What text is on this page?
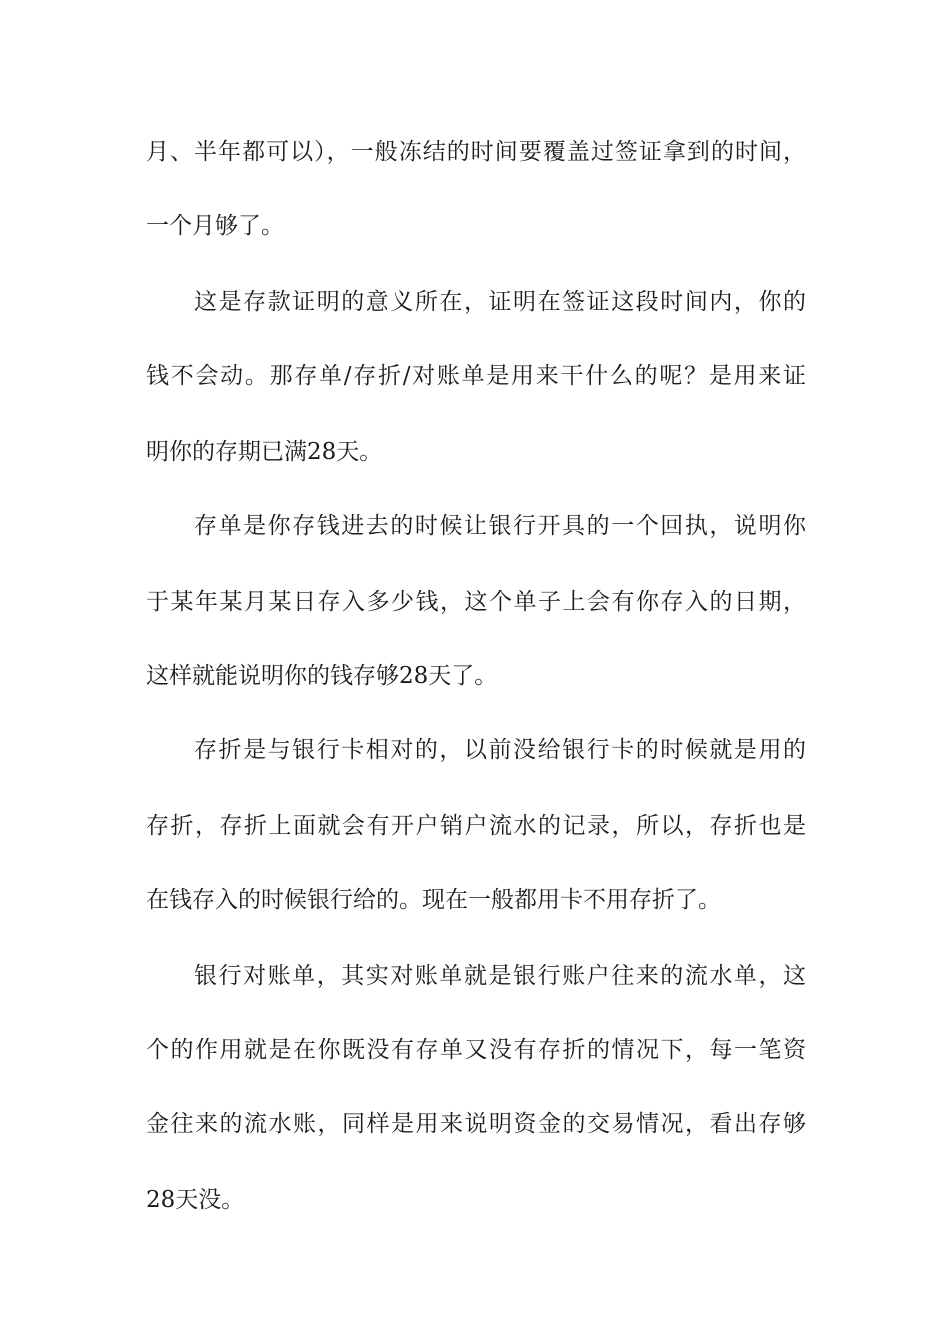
月、半年都可以），一般冻结的时间要覆盖过签证拿到的时间，
一个月够了。
这是存款证明的意义所在，证明在签证这段时间内，你的
钱不会动。那存单/存折/对账单是用来干什么的呢？是用来证
明你的存期已满28天。
存单是你存钱进去的时候让银行开具的一个回执，说明你
于某年某月某日存入多少钱，这个单子上会有你存入的日期，
这样就能说明你的钱存够28天了。
存折是与银行卡相对的，以前没给银行卡的时候就是用的
存折，存折上面就会有开户销户流水的记录，所以，存折也是
在钱存入的时候银行给的。现在一般都用卡不用存折了。
银行对账单，其实对账单就是银行账户往来的流水单，这
个的作用就是在你既没有存单又没有存折的情况下，每一笔资
金往来的流水账，同样是用来说明资金的交易情况，看出存够
28天没。
